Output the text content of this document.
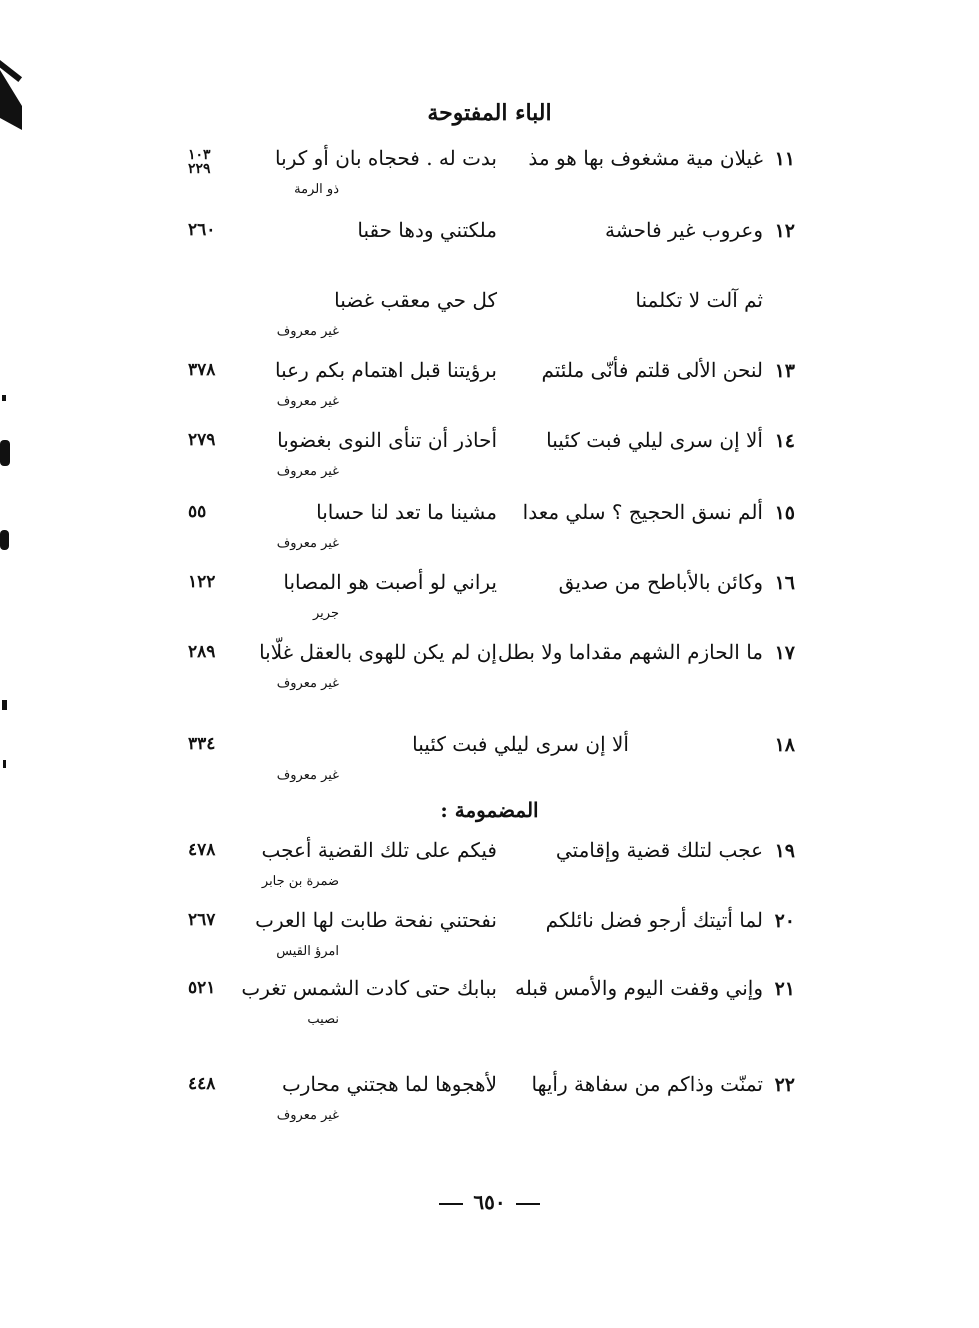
الباء المفتوحة
١١
غيلان مية مشغوف بها هو مذ
بدت له . فحجاه بان أو كربا
١٠٣
٢٢٩
ذو الرمة
١٢
وعروب غير فاحشة
ملكتني ودها حقبا
٢٦٠
ثم آلت لا تكلمنا
كل حي معقب غضبا
غير معروف
١٣
لنحن الألى قلتم فأنّى ملئتم
برؤيتنا قبل اهتمام بكم رعبا
٣٧٨
غير معروف
١٤
ألا إن سرى ليلي فبت كئيبا
أحاذر أن تنأى النوى بغضوبا
٢٧٩
غير معروف
١٥
ألم نسق الحجيج ؟ سلي معدا
مشينا ما تعد لنا حسابا
٥٥
غير معروف
١٦
وكائن بالأباطح من صديق
يراني لو أصبت هو المصابا
١٢٢
جرير
١٧
ما الحازم الشهم مقداما ولا بطل
إن لم يكن للهوى بالعقل غلّابا
٢٨٩
غير معروف
١٨
ألا إن سرى ليلي فبت كئيبا
٣٣٤
غير معروف
١٩
عجب لتلك قضية وإقامتي
فيكم على تلك القضية أعجب
٤٧٨
ضمرة بن جابر
٢٠
لما أتيتك أرجو فضل نائلكم
نفحتني نفحة طابت لها العرب
٢٦٧
امرؤ القيس
٢١
وإني وقفت اليوم والأمس قبله
ببابك حتى كادت الشمس تغرب
٥٢١
نصيب
٢٢
تمنّت وذاكم من سفاهة رأيها
لأهجوها لما هجتني محارب
٤٤٨
غير معروف
المضمومة :
٦٥٠
